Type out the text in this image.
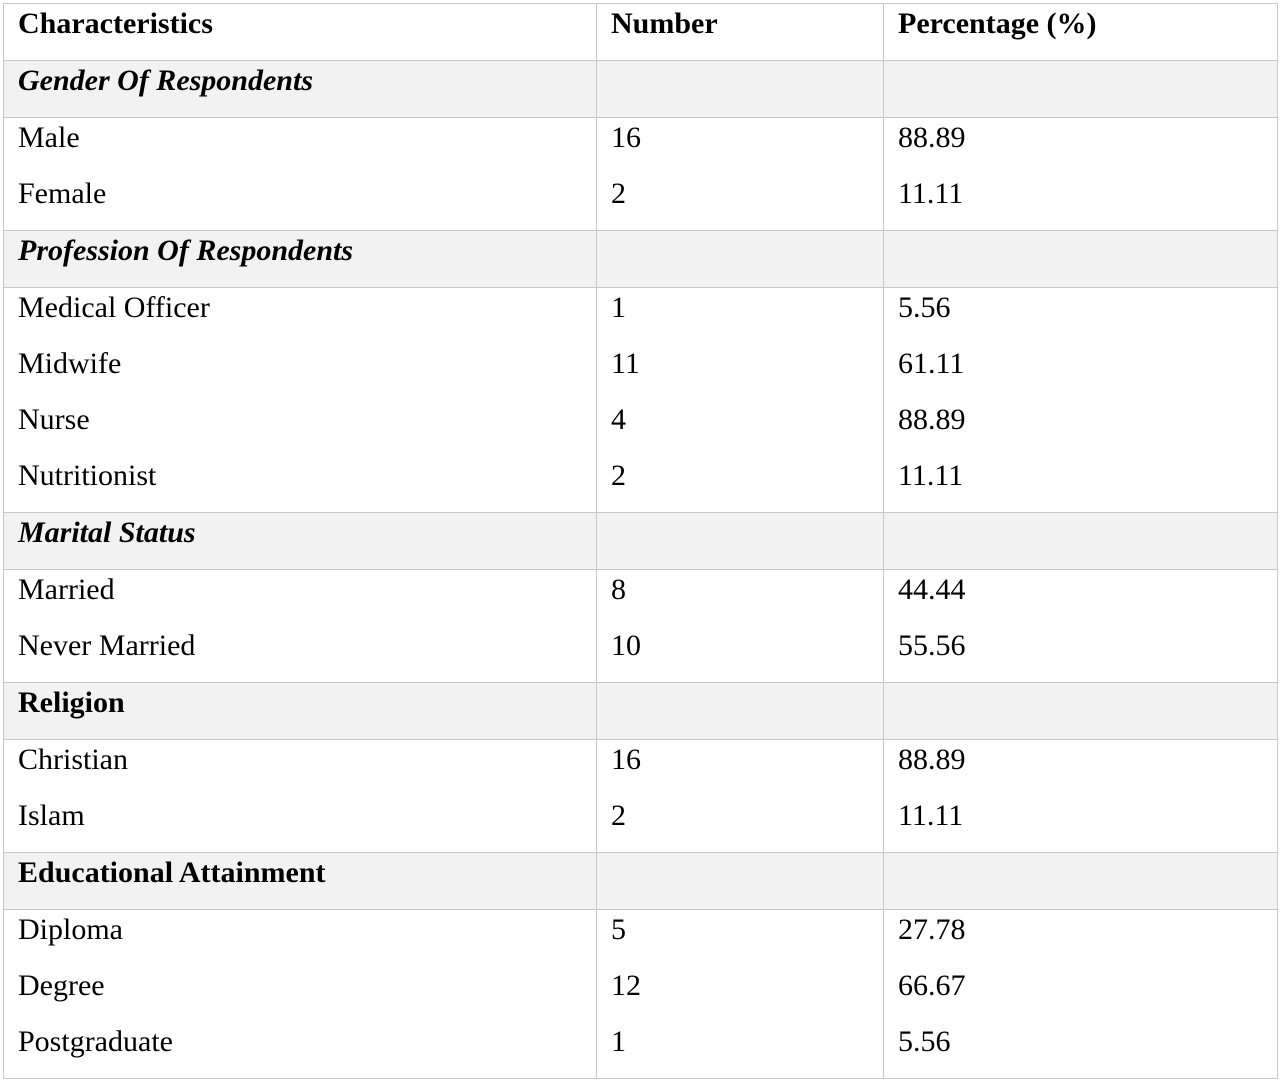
Characteristics	Number	Percentage (%)
Gender Of Respondents		
Male	16	88.89
Female	2	11.11
Profession Of Respondents		
Medical Officer	1	5.56
Midwife	11	61.11
Nurse	4	88.89
Nutritionist	2	11.11
Marital Status		
Married	8	44.44
Never Married	10	55.56
Religion		
Christian	16	88.89
Islam	2	11.11
Educational Attainment		
Diploma	5	27.78
Degree	12	66.67
Postgraduate	1	5.56
